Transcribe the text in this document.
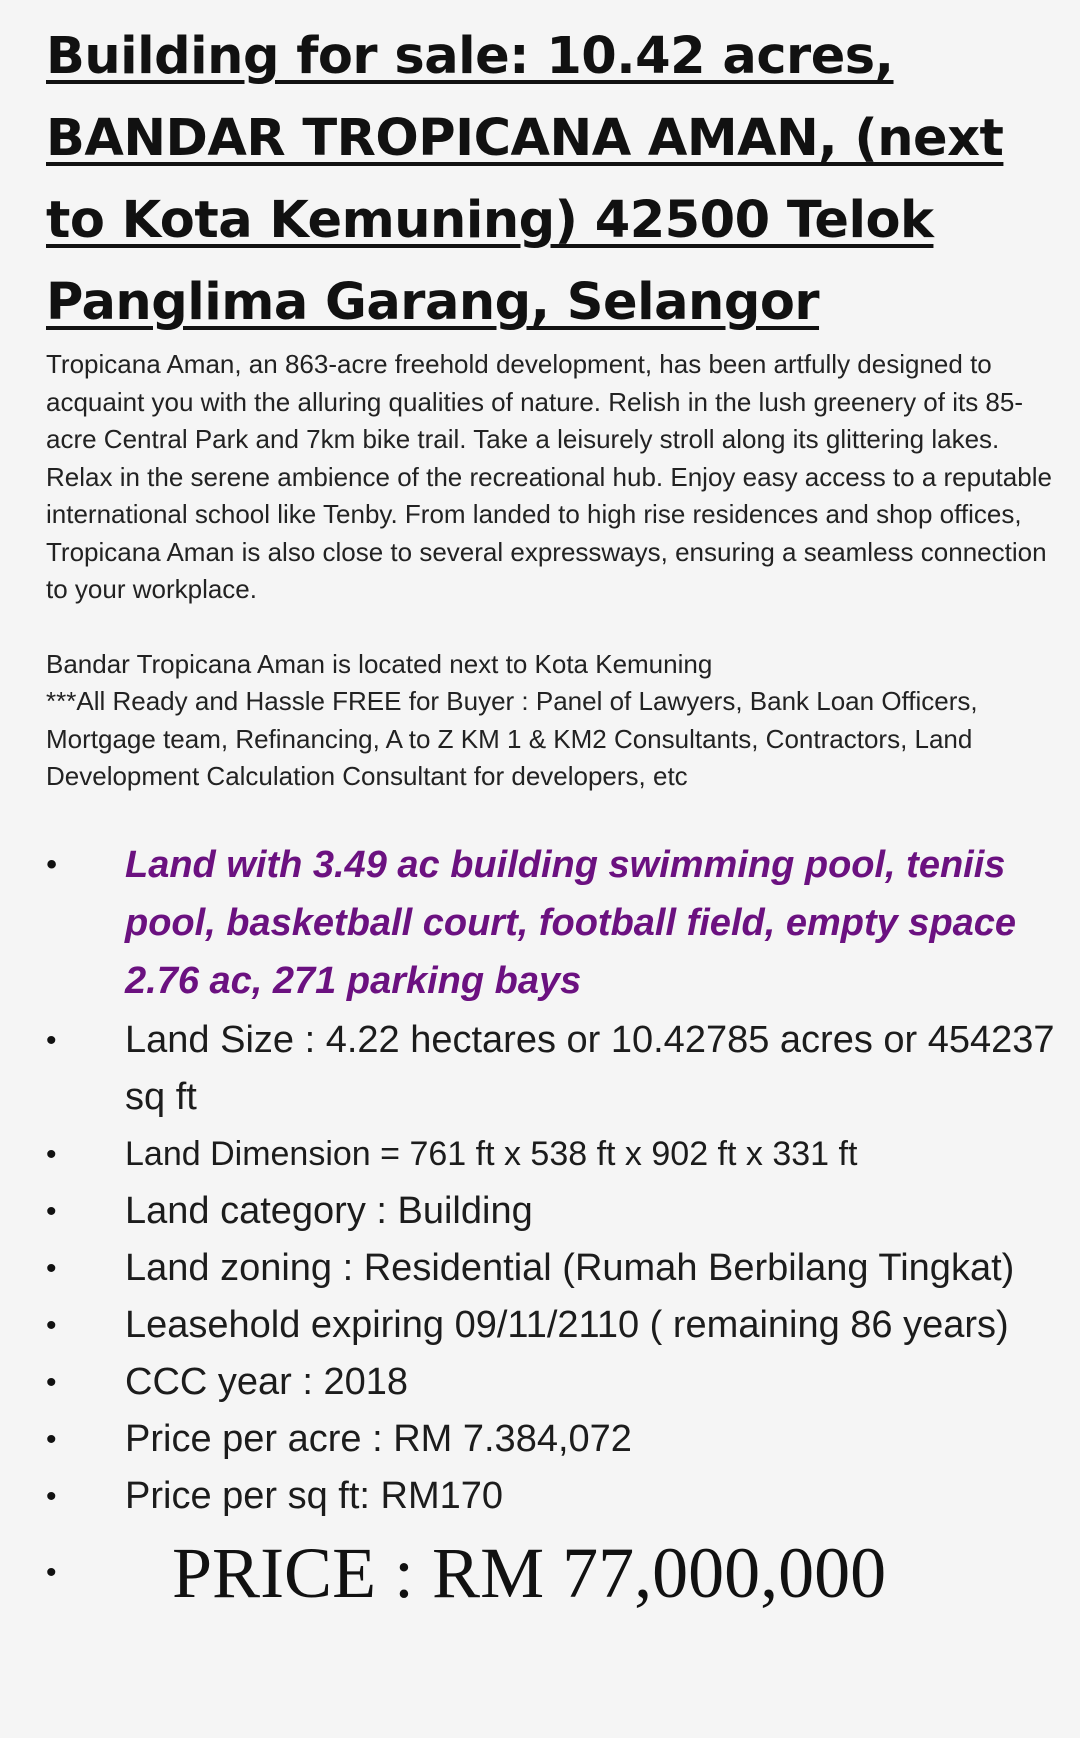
Building for sale: 10.42 acres, BANDAR TROPICANA AMAN, (next to Kota Kemuning) 42500 Telok Panglima Garang, Selangor

Tropicana Aman, an 863-acre freehold development, has been artfully designed to acquaint you with the alluring qualities of nature. Relish in the lush greenery of its 85-acre Central Park and 7km bike trail. Take a leisurely stroll along its glittering lakes. Relax in the serene ambience of the recreational hub. Enjoy easy access to a reputable international school like Tenby. From landed to high rise residences and shop offices, Tropicana Aman is also close to several expressways, ensuring a seamless connection to your workplace.

Bandar Tropicana Aman is located next to Kota Kemuning

***All Ready and Hassle FREE for Buyer : Panel of Lawyers, Bank Loan Officers, Mortgage team, Refinancing, A to Z KM 1 & KM2 Consultants, Contractors, Land Development Calculation Consultant for developers, etc

• Land with 3.49 ac building swimming pool, teniis pool, basketball court, football field, empty space 2.76 ac, 271 parking bays
• Land Size : 4.22 hectares or 10.42785 acres or 454237 sq ft
• Land Dimension = 761 ft x 538 ft x 902 ft x 331 ft
• Land category : Building
• Land zoning : Residential (Rumah Berbilang Tingkat)
• Leasehold expiring 09/11/2110 ( remaining 86 years)
• CCC year : 2018
• Price per acre : RM 7.384,072
• Price per sq ft: RM170
• PRICE : RM 77,000,000
